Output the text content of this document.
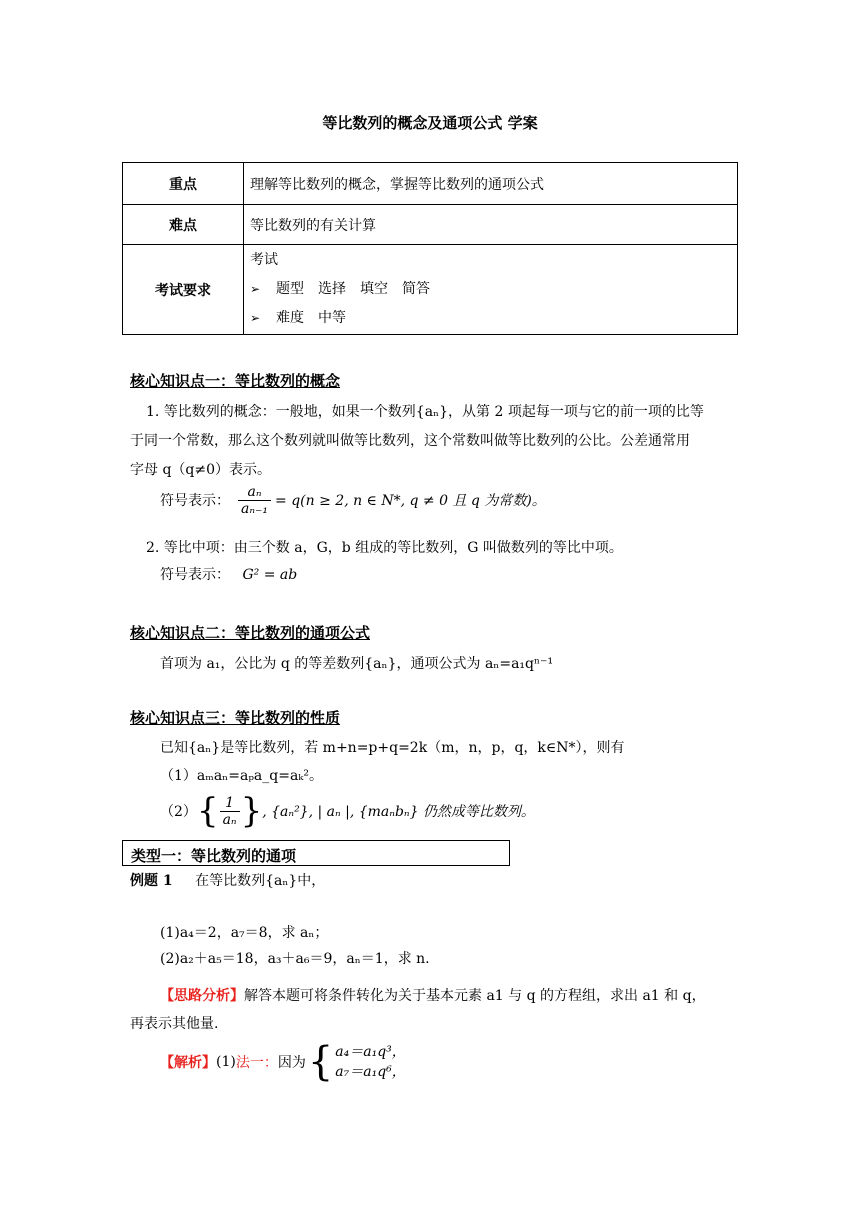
等比数列的概念及通项公式 学案
重点	理解等比数列的概念，掌握等比数列的通项公式
难点	等比数列的有关计算
考试要求	考试
➢ 题型　选择　填空　简答
➢ 难度　中等
核心知识点一：等比数列的概念
1. 等比数列的概念：一般地，如果一个数列{aₙ}，从第 2 项起每一项与它的前一项的比等
于同一个常数，那么这个数列就叫做等比数列，这个常数叫做等比数列的公比。公差通常用
字母 q（q≠0）表示。
符号表示： $\frac{\text{aₙ}}{\text{aₙ₋₁}} = q(n \ge 2$, n ∈ N*, q ≠ 0 且 q 为常数)。
2. 等比中项：由三个数 a，G，b 组成的等比数列，G 叫做数列的等比中项。
符号表示： G² = ab
核心知识点二：等比数列的通项公式
首项为 a₁，公比为 q 的等差数列{aₙ}，通项公式为 aₙ=a₁qⁿ⁻¹
核心知识点三：等比数列的性质
已知{aₙ}是等比数列，若 m+n=p+q=2k（m，n，p，q，k∈N*），则有
（1）aₘaₙ=aₚa_q=aₖ²。
（2） { $\frac{1}{\text{aₙ}}$ } , {aₙ²}, | aₙ |, {maₙbₙ} 仍然成等比数列。
类型一：等比数列的通项
例题 1 在等比数列{aₙ}中，
(1)a₄＝2，a₇＝8，求 aₙ；
(2)a₂＋a₅＝18，a₃＋a₆＝9，aₙ＝1，求 n.
【思路分析】解答本题可将条件转化为关于基本元素 a1 与 q 的方程组，求出 a1 和 q，
再表示其他量.
【解析】 (1) 法一： 因为 { a₄＝a₁q³，
a₇＝a₁q⁶，
